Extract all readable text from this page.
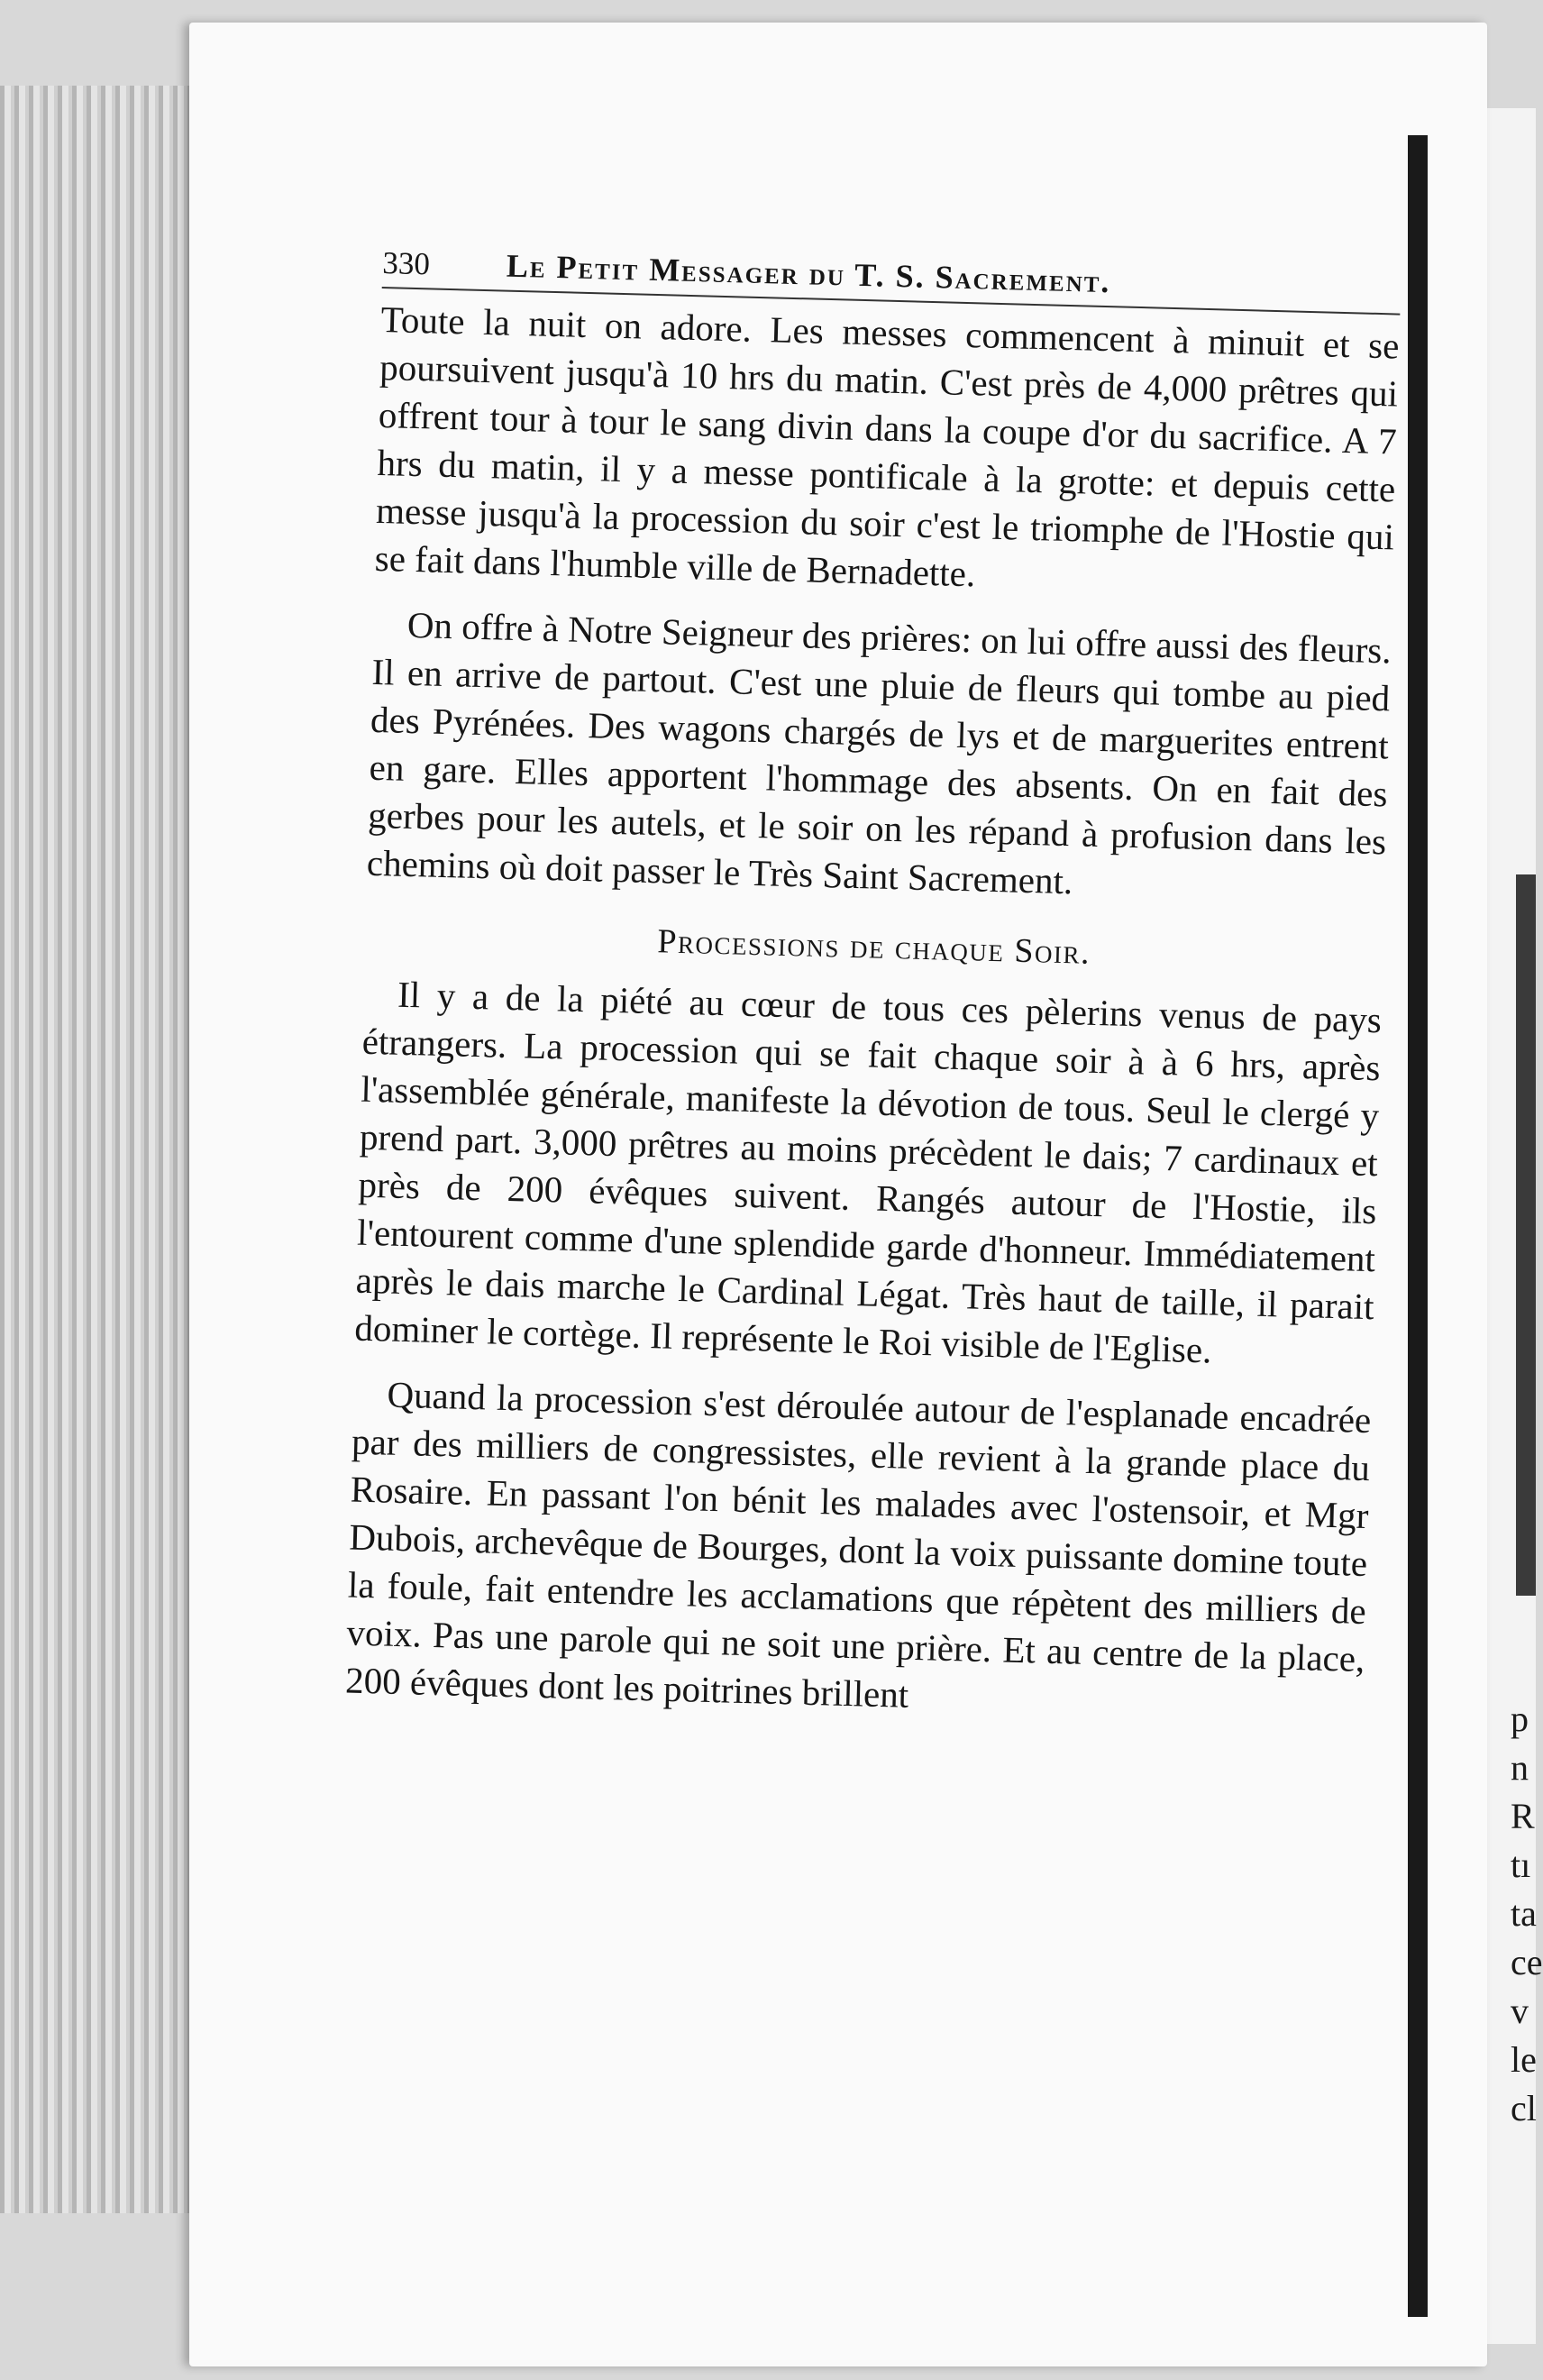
p
n
R
tı
ta
ce
v
le
cl
330 Le Petit Messager du T. S. Sacrement.

Toute la nuit on adore. Les messes commencent à minuit et se poursuivent jusqu'à 10 hrs du matin. C'est près de 4,000 prêtres qui offrent tour à tour le sang divin dans la coupe d'or du sacrifice. A 7 hrs du matin, il y a messe pontificale à la grotte: et depuis cette messe jusqu'à la procession du soir c'est le triomphe de l'Hostie qui se fait dans l'humble ville de Bernadette.

On offre à Notre Seigneur des prières: on lui offre aussi des fleurs. Il en arrive de partout. C'est une pluie de fleurs qui tombe au pied des Pyrénées. Des wagons chargés de lys et de marguerites entrent en gare. Elles apportent l'hommage des absents. On en fait des gerbes pour les autels, et le soir on les répand à profusion dans les chemins où doit passer le Très Saint Sacrement.

Processions de chaque Soir.

Il y a de la piété au cœur de tous ces pèlerins venus de pays étrangers. La procession qui se fait chaque soir à à 6 hrs, après l'assemblée générale, manifeste la dévotion de tous. Seul le clergé y prend part. 3,000 prêtres au moins précèdent le dais; 7 cardinaux et près de 200 évêques suivent. Rangés autour de l'Hostie, ils l'entourent comme d'une splendide garde d'honneur. Immédiatement après le dais marche le Cardinal Légat. Très haut de taille, il parait dominer le cortège. Il représente le Roi visible de l'Eglise.

Quand la procession s'est déroulée autour de l'esplanade encadrée par des milliers de congressistes, elle revient à la grande place du Rosaire. En passant l'on bénit les malades avec l'ostensoir, et Mgr Dubois, archevêque de Bourges, dont la voix puissante domine toute la foule, fait entendre les acclamations que répètent des milliers de voix. Pas une parole qui ne soit une prière. Et au centre de la place, 200 évêques dont les poitrines brillent
